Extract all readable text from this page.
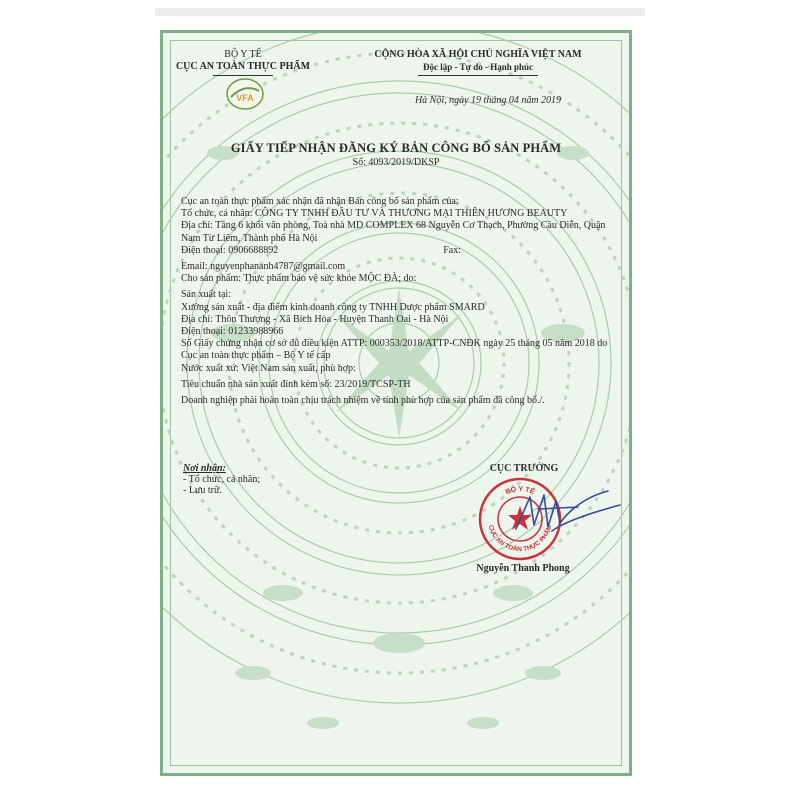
BỘ Y TẾ
CỤC AN TOÀN THỰC PHẨM
VFA
CỘNG HÒA XÃ HỘI CHỦ NGHĨA VIỆT NAM
Độc lập - Tự do - Hạnh phúc
Hà Nội, ngày 19 tháng 04 năm 2019
GIẤY TIẾP NHẬN ĐĂNG KÝ BẢN CÔNG BỐ SẢN PHẨM
Số: 4093/2019/DKSP

Cục an toàn thực phẩm xác nhận đã nhận Bản công bố sản phẩm của:

Tổ chức, cá nhân: CÔNG TY TNHH ĐẦU TƯ VÀ THƯƠNG MẠI THIÊN HƯƠNG BEAUTY

Địa chỉ: Tầng 6 khối văn phòng, Toà nhà MD COMPLEX 68 Nguyễn Cơ Thạch, Phường Cầu Diễn, Quận Nam Từ Liêm, Thành phố Hà Nội

Điện thoại: 0906688892	Fax:

Email: nguyenphananh4787@gmail.com

Cho sản phẩm: Thực phẩm bảo vệ sức khỏe MỘC ĐÀ; do:

Sản xuất tại:

Xưởng sản xuất - địa điểm kinh doanh công ty TNHH Dược phẩm SMARD

Địa chỉ: Thôn Thượng - Xã Bích Hòa - Huyện Thanh Oai - Hà Nội

Điện thoại: 01233988966

Số Giấy chứng nhận cơ sở đủ điều kiện ATTP: 000353/2018/ATTP-CNĐK ngày 25 tháng 05 năm 2018 do Cục an toàn thực phẩm – Bộ Y tế cấp

Nước xuất xứ: Việt Nam sản xuất, phù hợp:

Tiêu chuẩn nhà sản xuất đính kèm số: 23/2019/TCSP-TH

Doanh nghiệp phải hoàn toàn chịu trách nhiệm về tính phù hợp của sản phẩm đã công bố./.

Nơi nhận:
- Tổ chức, cá nhân;
- Lưu trữ.
CỤC TRƯỞNG
BỘ Y TẾ
CỤC AN TOÀN THỰC PHẨM
Nguyễn Thanh Phong
